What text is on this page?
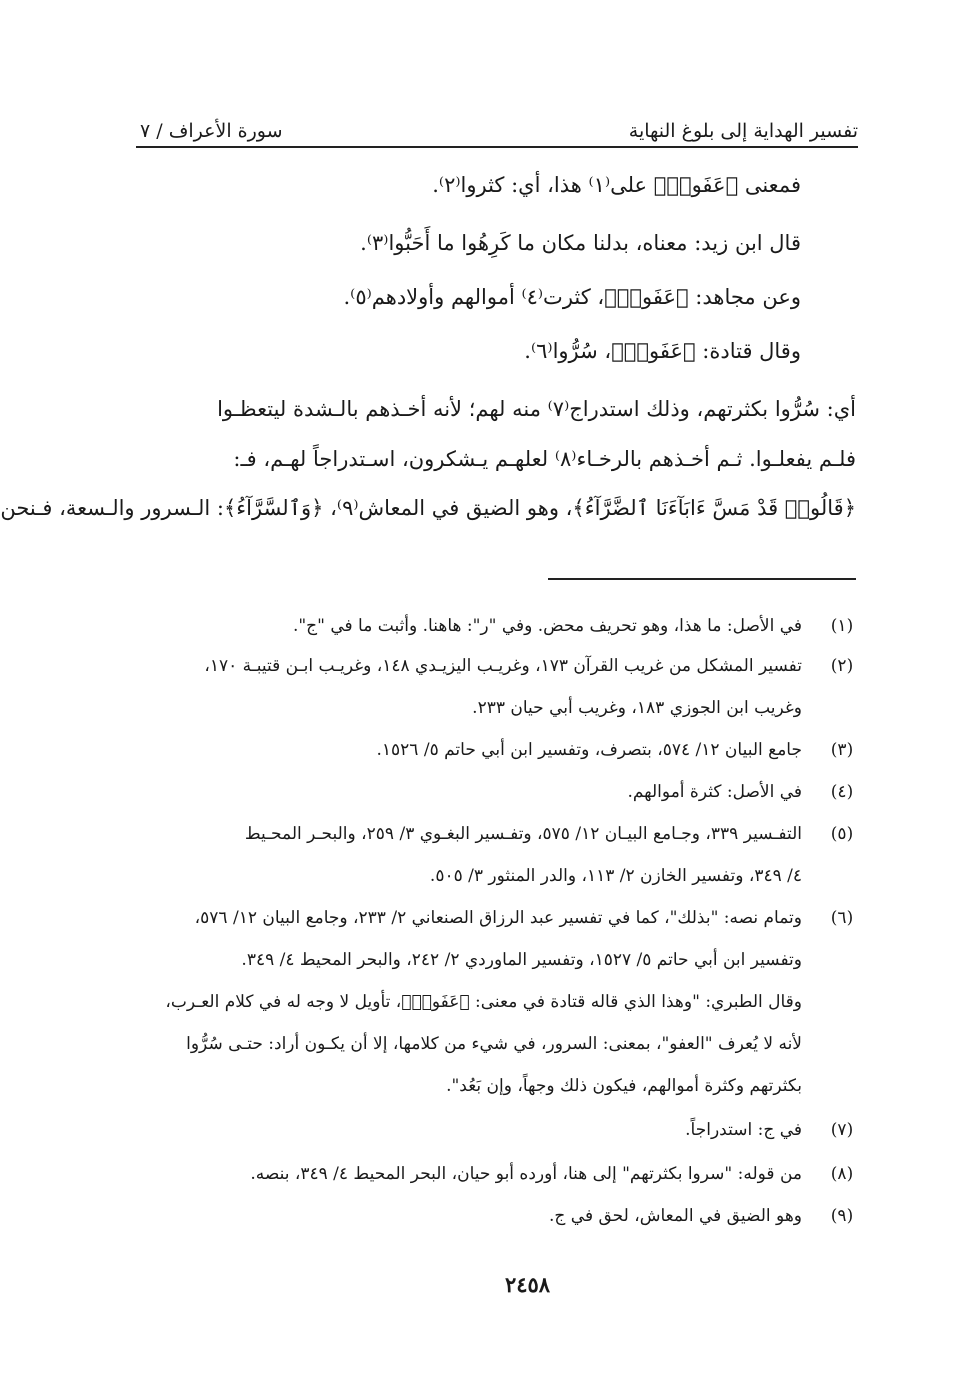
تفسير الهداية إلى بلوغ النهاية
سورة الأعراف / ٧
فمعنى ﴿عَفَوا۟﴾ على⁽١⁾ هذا، أي: كثروا⁽٢⁾.
قال ابن زيد: معناه، بدلنا مكان ما كَرِهُوا ما أَحَبُّوا⁽٣⁾.
وعن مجاهد: ﴿عَفَوا۟﴾، كثرت⁽٤⁾ أموالهم وأولادهم⁽٥⁾.
وقال قتادة: ﴿عَفَوا۟﴾، سُرُّوا⁽٦⁾.
أي: سُرُّوا بكثرتهم، وذلك استدراج⁽٧⁾ منه لهم؛ لأنه أخـذهم بالـشدة ليتعظـوا
فلـم يفعلـوا. ثـم أخـذهم بالرخـاء⁽٨⁾ لعلهـم يـشكرون، اسـتدراجاً لهـم، فـ:
﴿قَالُوا۟ قَدْ مَسَّ ءَابَآءَنَا ٱلضَّرَّآءُ﴾، وهو الضيق في المعاش⁽٩⁾، ﴿وَٱلسَّرَّآءُ﴾: الـسرور والـسعة، فـنحن
(١)
في الأصل: ما هذا، وهو تحريف محض. وفي "ر": هاهنا. وأثبت ما في "ج".
(٢)
تفسير المشكل من غريب القرآن ١٧٣، وغريـب اليزيـدي ١٤٨، وغريـب ابـن قتيبـة ١٧٠،
وغريب ابن الجوزي ١٨٣، وغريب أبي حيان ٢٣٣.
(٣)
جامع البيان ١٢/ ٥٧٤، بتصرف، وتفسير ابن أبي حاتم ٥/ ١٥٢٦.
(٤)
في الأصل: كثرة أموالهم.
(٥)
التفـسير ٣٣٩، وجـامع البيـان ١٢/ ٥٧٥، وتفـسير البغـوي ٣/ ٢٥٩، والبحـر المحـيط
٤/ ٣٤٩، وتفسير الخازن ٢/ ١١٣، والدر المنثور ٣/ ٥٠٥.
(٦)
وتمام نصه: "بذلك"، كما في تفسير عبد الرزاق الصنعاني ٢/ ٢٣٣، وجامع البيان ١٢/ ٥٧٦،
وتفسير ابن أبي حاتم ٥/ ١٥٢٧، وتفسير الماوردي ٢/ ٢٤٢، والبحر المحيط ٤/ ٣٤٩.
وقال الطبري: "وهذا الذي قاله قتادة في معنى: ﴿عَفَوا۟﴾، تأويل لا وجه له في كلام العـرب،
لأنه لا يُعرف "العفو"، بمعنى: السرور، في شيء من كلامها، إلا أن يكـون أراد: حتـى سُرُّوا
بكثرتهم وكثرة أموالهم، فيكون ذلك وجهاً، وإن بَعُد".
(٧)
في ج: استدراجاً.
(٨)
من قوله: "سروا بكثرتهم" إلى هنا، أورده أبو حيان، البحر المحيط ٤/ ٣٤٩، بنصه.
(٩)
وهو الضيق في المعاش، لحق في ج.
٢٤٥٨
